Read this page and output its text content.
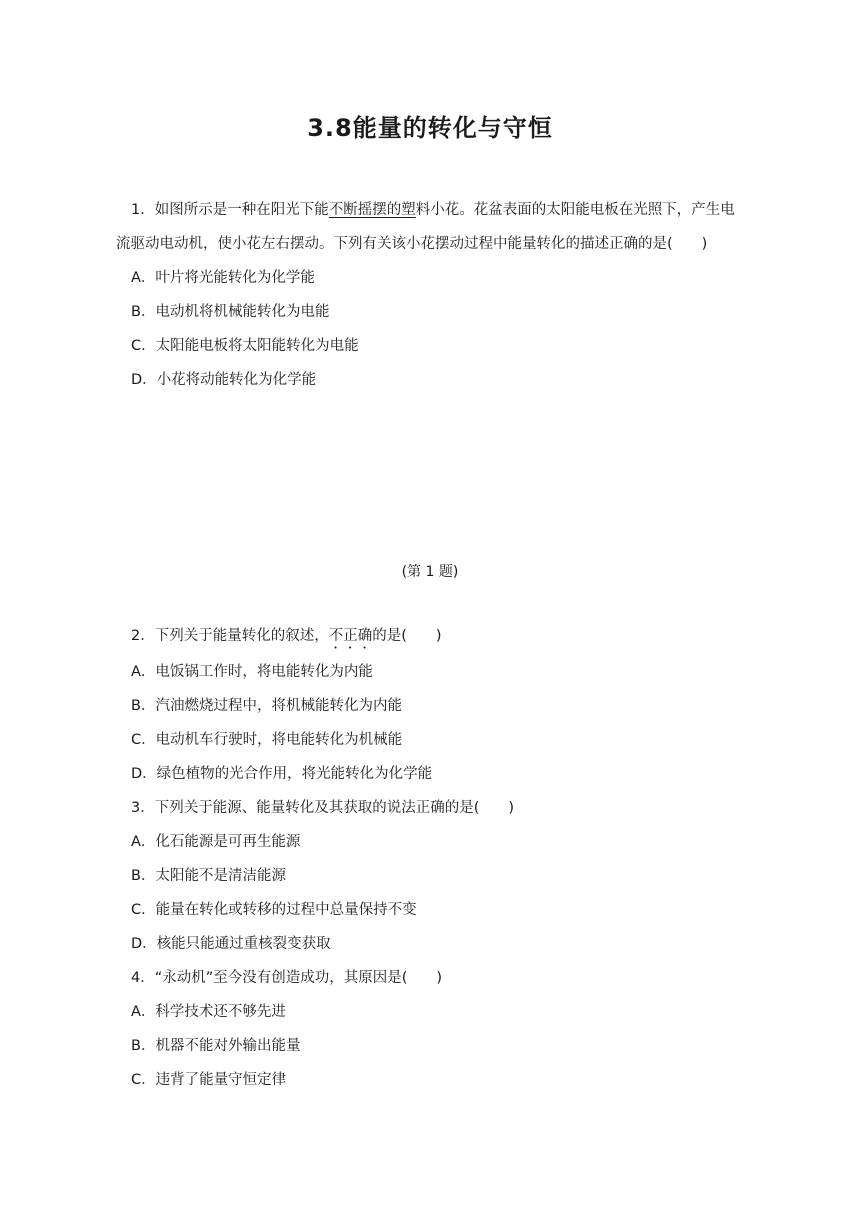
3.8能量的转化与守恒
1．如图所示是一种在阳光下能不断摇摆的塑料小花。花盆表面的太阳能电板在光照下，产生电
流驱动电动机，使小花左右摆动。下列有关该小花摆动过程中能量转化的描述正确的是(　　)
A．叶片将光能转化为化学能
B．电动机将机械能转化为电能
C．太阳能电板将太阳能转化为电能
D．小花将动能转化为化学能
(第 1 题)
2．下列关于能量转化的叙述，不正确的是(　　)
A．电饭锅工作时，将电能转化为内能
B．汽油燃烧过程中，将机械能转化为内能
C．电动机车行驶时，将电能转化为机械能
D．绿色植物的光合作用，将光能转化为化学能
3．下列关于能源、能量转化及其获取的说法正确的是(　　)
A．化石能源是可再生能源
B．太阳能不是清洁能源
C．能量在转化或转移的过程中总量保持不变
D．核能只能通过重核裂变获取
4．“永动机”至今没有创造成功，其原因是(　　)
A．科学技术还不够先进
B．机器不能对外输出能量
C．违背了能量守恒定律
